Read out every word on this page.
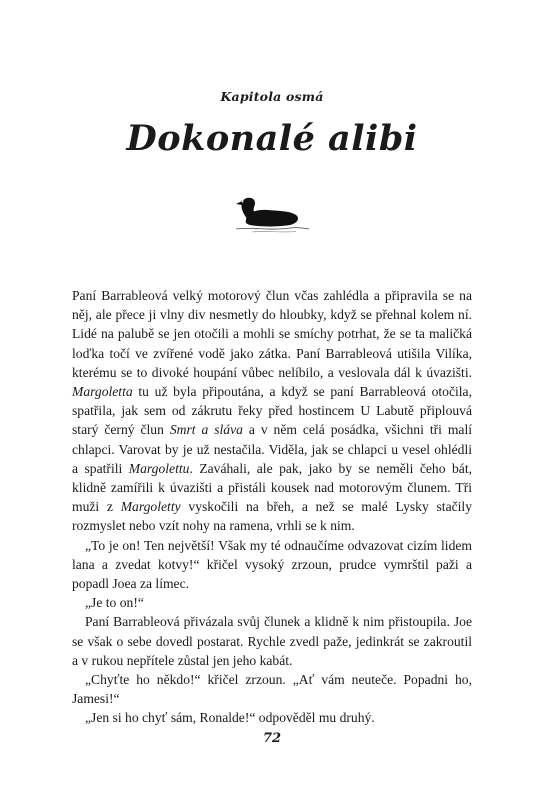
Kapitola osmá
Dokonalé alibi

Paní Barrableová velký motorový člun včas zahlédla a připravila se na něj, ale přece ji vlny div nesmetly do hloubky, když se přehnal kolem ní. Lidé na palubě se jen otočili a mohli se smíchy potrhat, že se ta maličká loďka točí ve zvířené vodě jako zátka. Paní Barrableová utišila Vilíka, kterému se to divoké houpání vůbec nelíbilo, a veslovala dál k úvazišti. Margoletta tu už byla připoutána, a když se paní Barrableová otočila, spatřila, jak sem od zákrutu řeky před hostincem U Labutě připlouvá starý černý člun Smrt a sláva a v něm celá posádka, všichni tři malí chlapci. Varovat by je už nestačila. Viděla, jak se chlapci u vesel ohlédli a spatřili Margolettu. Zaváhali, ale pak, jako by se neměli čeho bát, klidně zamířili k úvazišti a přistáli kousek nad motorovým člunem. Tři muži z Margoletty vyskočili na břeh, a než se malé Lysky stačily rozmyslet nebo vzít nohy na ramena, vrhli se k nim.

„To je on! Ten největší! Však my té odnaučíme odvazovat cizím lidem lana a zvedat kotvy!“ křičel vysoký zrzoun, prudce vymrštil paži a popadl Joea za límec.

„Je to on!“

Paní Barrableová přivázala svůj člunek a klidně k nim přistoupila. Joe se však o sebe dovedl postarat. Rychle zvedl paže, jedinkrát se zakroutil a v rukou nepřítele zůstal jen jeho kabát.

„Chyťte ho někdo!“ křičel zrzoun. „Ať vám neuteče. Popadni ho, Jamesi!“

„Jen si ho chyť sám, Ronalde!“ odpověděl mu druhý.

72
